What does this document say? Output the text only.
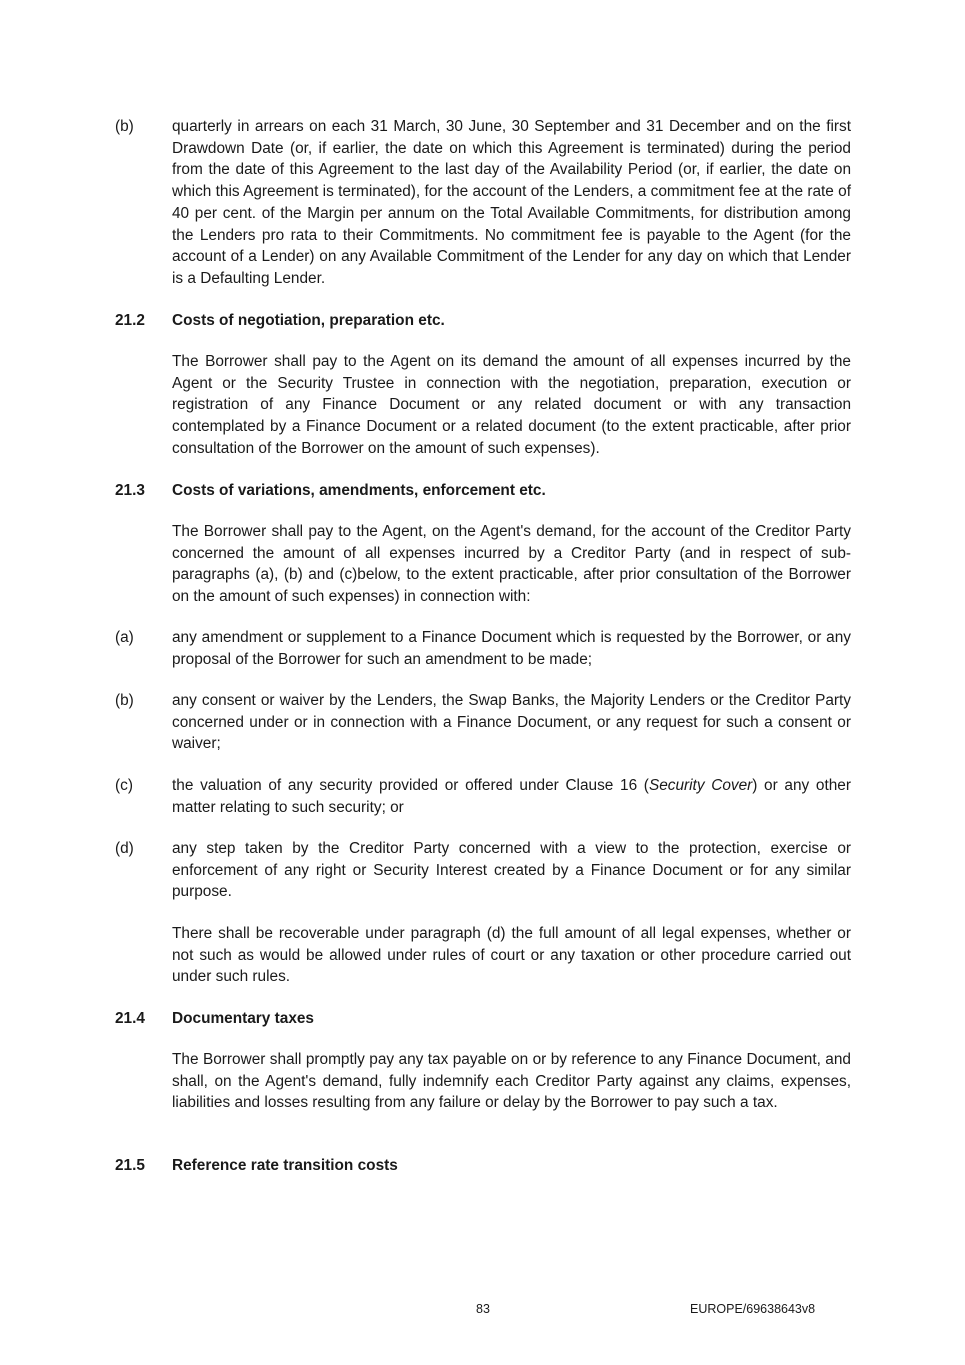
(b)	quarterly in arrears on each 31 March, 30 June, 30 September and 31 December and on the first Drawdown Date (or, if earlier, the date on which this Agreement is terminated) during the period from the date of this Agreement to the last day of the Availability Period (or, if earlier, the date on which this Agreement is terminated), for the account of the Lenders, a commitment fee at the rate of 40 per cent. of the Margin per annum on the Total Available Commitments, for distribution among the Lenders pro rata to their Commitments. No commitment fee is payable to the Agent (for the account of a Lender) on any Available Commitment of the Lender for any day on which that Lender is a Defaulting Lender.
21.2	Costs of negotiation, preparation etc.
The Borrower shall pay to the Agent on its demand the amount of all expenses incurred by the Agent or the Security Trustee in connection with the negotiation, preparation, execution or registration of any Finance Document or any related document or with any transaction contemplated by a Finance Document or a related document (to the extent practicable, after prior consultation of the Borrower on the amount of such expenses).
21.3	Costs of variations, amendments, enforcement etc.
The Borrower shall pay to the Agent, on the Agent's demand, for the account of the Creditor Party concerned the amount of all expenses incurred by a Creditor Party (and in respect of sub-paragraphs (a), (b) and (c)below, to the extent practicable, after prior consultation of the Borrower on the amount of such expenses) in connection with:
(a)	any amendment or supplement to a Finance Document which is requested by the Borrower, or any proposal of the Borrower for such an amendment to be made;
(b)	any consent or waiver by the Lenders, the Swap Banks, the Majority Lenders or the Creditor Party concerned under or in connection with a Finance Document, or any request for such a consent or waiver;
(c)	the valuation of any security provided or offered under Clause 16 (Security Cover) or any other matter relating to such security; or
(d)	any step taken by the Creditor Party concerned with a view to the protection, exercise or enforcement of any right or Security Interest created by a Finance Document or for any similar purpose.
There shall be recoverable under paragraph (d) the full amount of all legal expenses, whether or not such as would be allowed under rules of court or any taxation or other procedure carried out under such rules.
21.4	Documentary taxes
The Borrower shall promptly pay any tax payable on or by reference to any Finance Document, and shall, on the Agent's demand, fully indemnify each Creditor Party against any claims, expenses, liabilities and losses resulting from any failure or delay by the Borrower to pay such a tax.
21.5	Reference rate transition costs
83	EUROPE/69638643v8
